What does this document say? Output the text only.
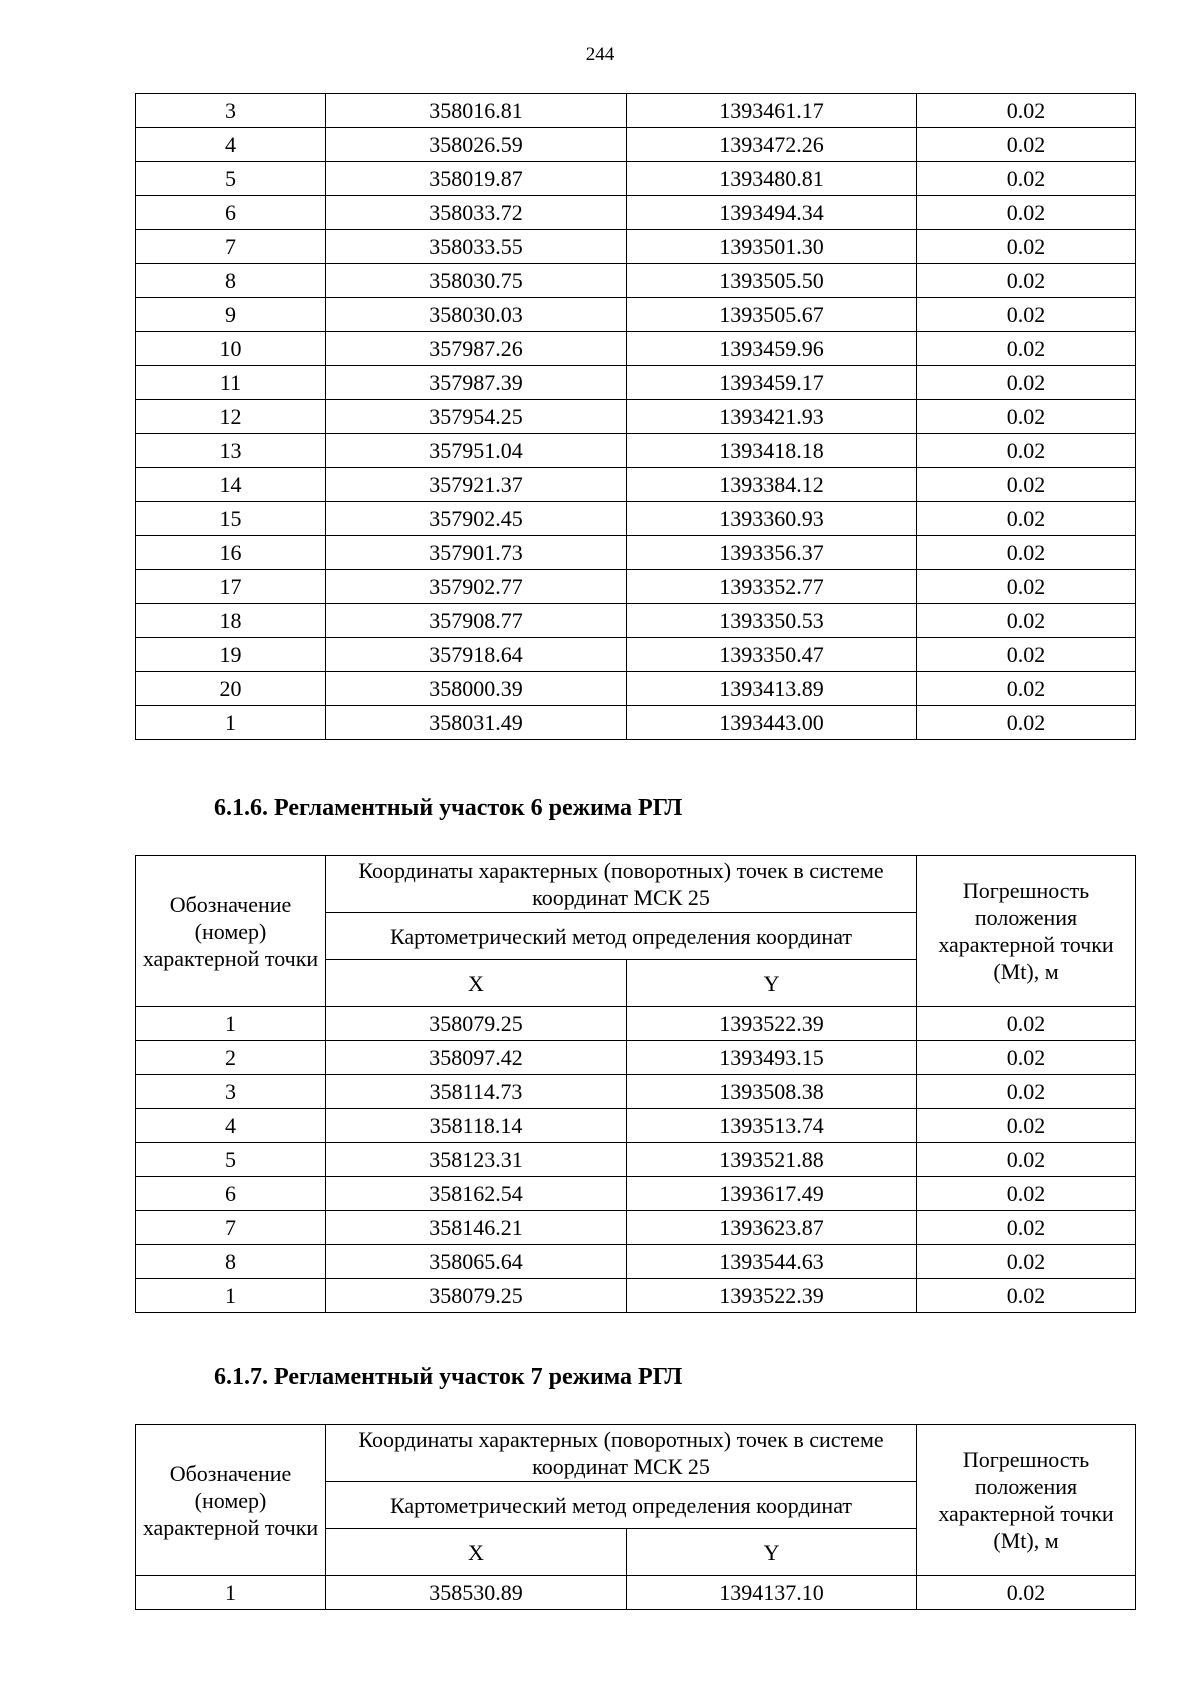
244
3	358016.81	1393461.17	0.02
4	358026.59	1393472.26	0.02
5	358019.87	1393480.81	0.02
6	358033.72	1393494.34	0.02
7	358033.55	1393501.30	0.02
8	358030.75	1393505.50	0.02
9	358030.03	1393505.67	0.02
10	357987.26	1393459.96	0.02
11	357987.39	1393459.17	0.02
12	357954.25	1393421.93	0.02
13	357951.04	1393418.18	0.02
14	357921.37	1393384.12	0.02
15	357902.45	1393360.93	0.02
16	357901.73	1393356.37	0.02
17	357902.77	1393352.77	0.02
18	357908.77	1393350.53	0.02
19	357918.64	1393350.47	0.02
20	358000.39	1393413.89	0.02
1	358031.49	1393443.00	0.02
6.1.6. Регламентный участок 6 режима РГЛ
Обозначение (номер) характерной точки	Координаты характерных (поворотных) точек в системе координат МСК 25		Погрешность положения характерной точки (Mt), м
	Картометрический метод определения координат		
	X	Y	
1	358079.25	1393522.39	0.02
2	358097.42	1393493.15	0.02
3	358114.73	1393508.38	0.02
4	358118.14	1393513.74	0.02
5	358123.31	1393521.88	0.02
6	358162.54	1393617.49	0.02
7	358146.21	1393623.87	0.02
8	358065.64	1393544.63	0.02
1	358079.25	1393522.39	0.02
6.1.7. Регламентный участок 7 режима РГЛ
Обозначение (номер) характерной точки	Координаты характерных (поворотных) точек в системе координат МСК 25		Погрешность положения характерной точки (Mt), м
	Картометрический метод определения координат		
	X	Y	
1	358530.89	1394137.10	0.02
